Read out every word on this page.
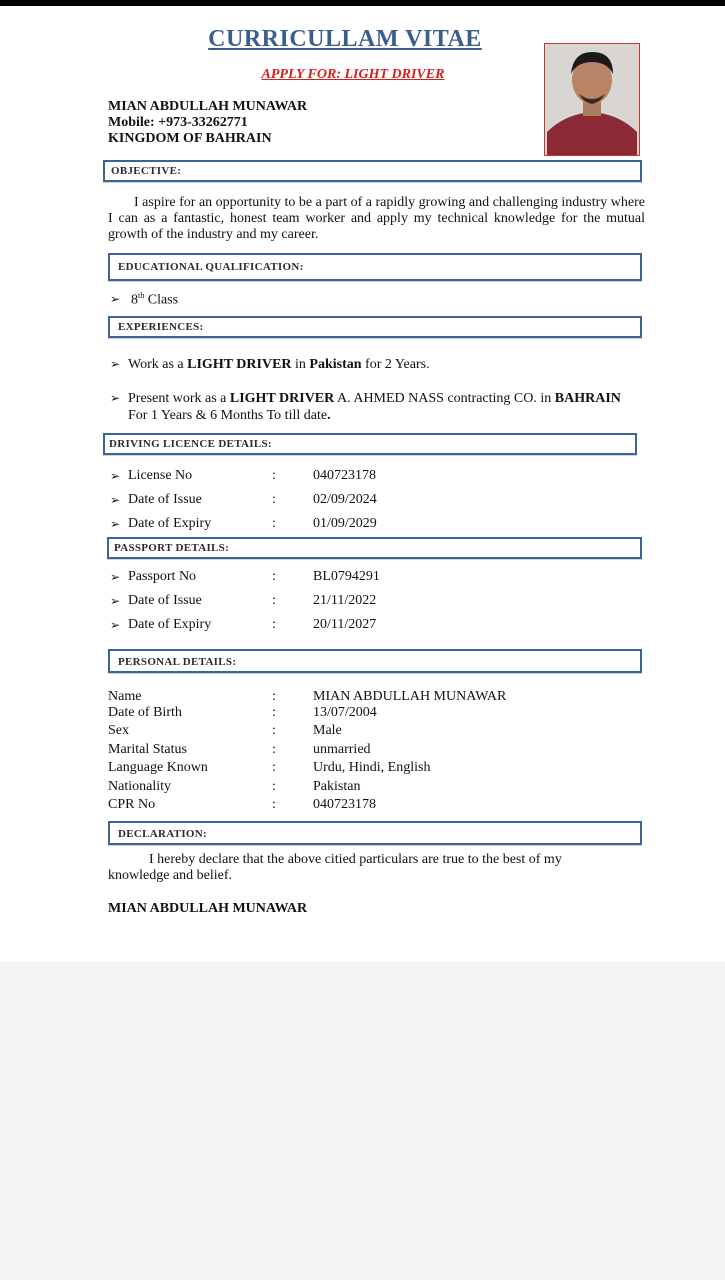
CURRICULLAM VITAE
APPLY FOR: LIGHT DRIVER
MIAN ABDULLAH MUNAWAR
Mobile: +973-33262771
KINGDOM OF BAHRAIN
OBJECTIVE:
I aspire for an opportunity to be a part of a rapidly growing and challenging industry where I can as a fantastic, honest team worker and apply my technical knowledge for the mutual growth of the industry and my career.
EDUCATIONAL QUALIFICATION:
➢ 8th Class
EXPERIENCES:
➢ Work as a LIGHT DRIVER in Pakistan for 2 Years.
➢ Present work as a LIGHT DRIVER A. AHMED NASS contracting CO. in BAHRAIN For 1 Years & 6 Months To till date.
DRIVING LICENCE DETAILS:
➢ License No	:	040723178
➢ Date of Issue	:	02/09/2024
➢ Date of Expiry	:	01/09/2029
PASSPORT DETAILS:
➢ Passport No	:	BL0794291
➢ Date of Issue	:	21/11/2022
➢ Date of Expiry	:	20/11/2027
PERSONAL DETAILS:
Name	:	MIAN ABDULLAH MUNAWAR
Date of Birth	:	13/07/2004
Sex	:	Male
Marital Status	:	unmarried
Language Known	:	Urdu, Hindi, English
Nationality	:	Pakistan
CPR No	:	040723178
DECLARATION:
I hereby declare that the above citied particulars are true to the best of my knowledge and belief.
MIAN ABDULLAH MUNAWAR
